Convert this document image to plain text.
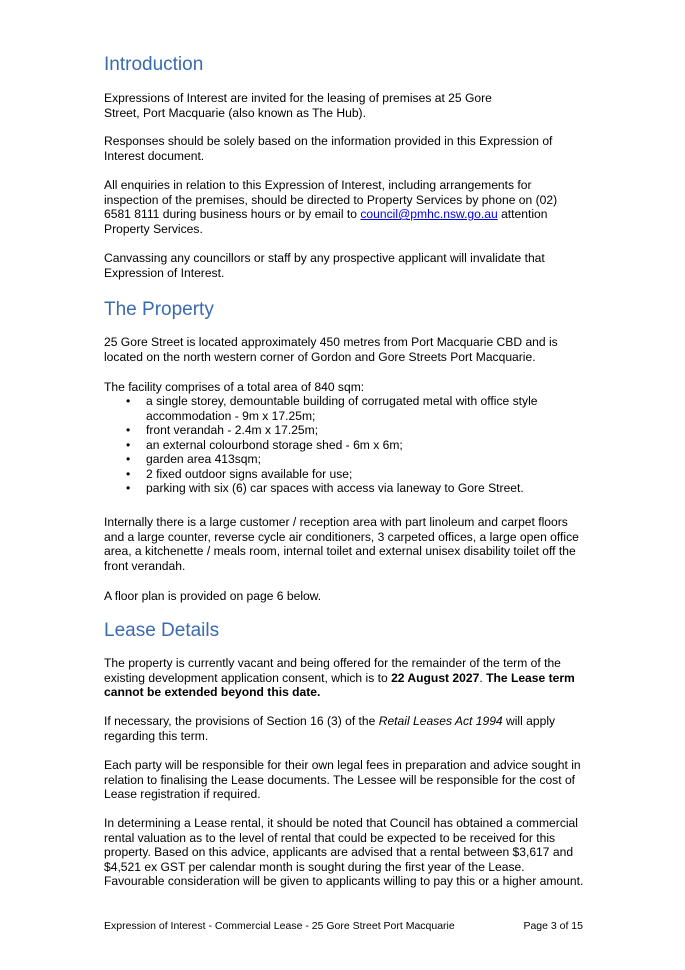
Introduction

Expressions of Interest are invited for the leasing of premises at 25 Gore Street, Port Macquarie (also known as The Hub).

Responses should be solely based on the information provided in this Expression of Interest document.

All enquiries in relation to this Expression of Interest, including arrangements for inspection of the premises, should be directed to Property Services by phone on (02) 6581 8111 during business hours or by email to council@pmhc.nsw.go.au attention Property Services.

Canvassing any councillors or staff by any prospective applicant will invalidate that Expression of Interest.

The Property

25 Gore Street is located approximately 450 metres from Port Macquarie CBD and is located on the north western corner of Gordon and Gore Streets Port Macquarie.

The facility comprises of a total area of 840 sqm:

• a single storey, demountable building of corrugated metal with office style accommodation - 9m x 17.25m;
• front verandah - 2.4m x 17.25m;
• an external colourbond storage shed - 6m x 6m;
• garden area 413sqm;
• 2 fixed outdoor signs available for use;
• parking with six (6) car spaces with access via laneway to Gore Street.

Internally there is a large customer / reception area with part linoleum and carpet floors and a large counter, reverse cycle air conditioners, 3 carpeted offices, a large open office area, a kitchenette / meals room, internal toilet and external unisex disability toilet off the front verandah.

A floor plan is provided on page 6 below.

Lease Details

The property is currently vacant and being offered for the remainder of the term of the existing development application consent, which is to 22 August 2027. The Lease term cannot be extended beyond this date.

If necessary, the provisions of Section 16 (3) of the Retail Leases Act 1994 will apply regarding this term.

Each party will be responsible for their own legal fees in preparation and advice sought in relation to finalising the Lease documents. The Lessee will be responsible for the cost of Lease registration if required.

In determining a Lease rental, it should be noted that Council has obtained a commercial rental valuation as to the level of rental that could be expected to be received for this property. Based on this advice, applicants are advised that a rental between $3,617 and $4,521 ex GST per calendar month is sought during the first year of the Lease. Favourable consideration will be given to applicants willing to pay this or a higher amount.

Expression of Interest - Commercial Lease - 25 Gore Street Port Macquarie	Page 3 of 15
